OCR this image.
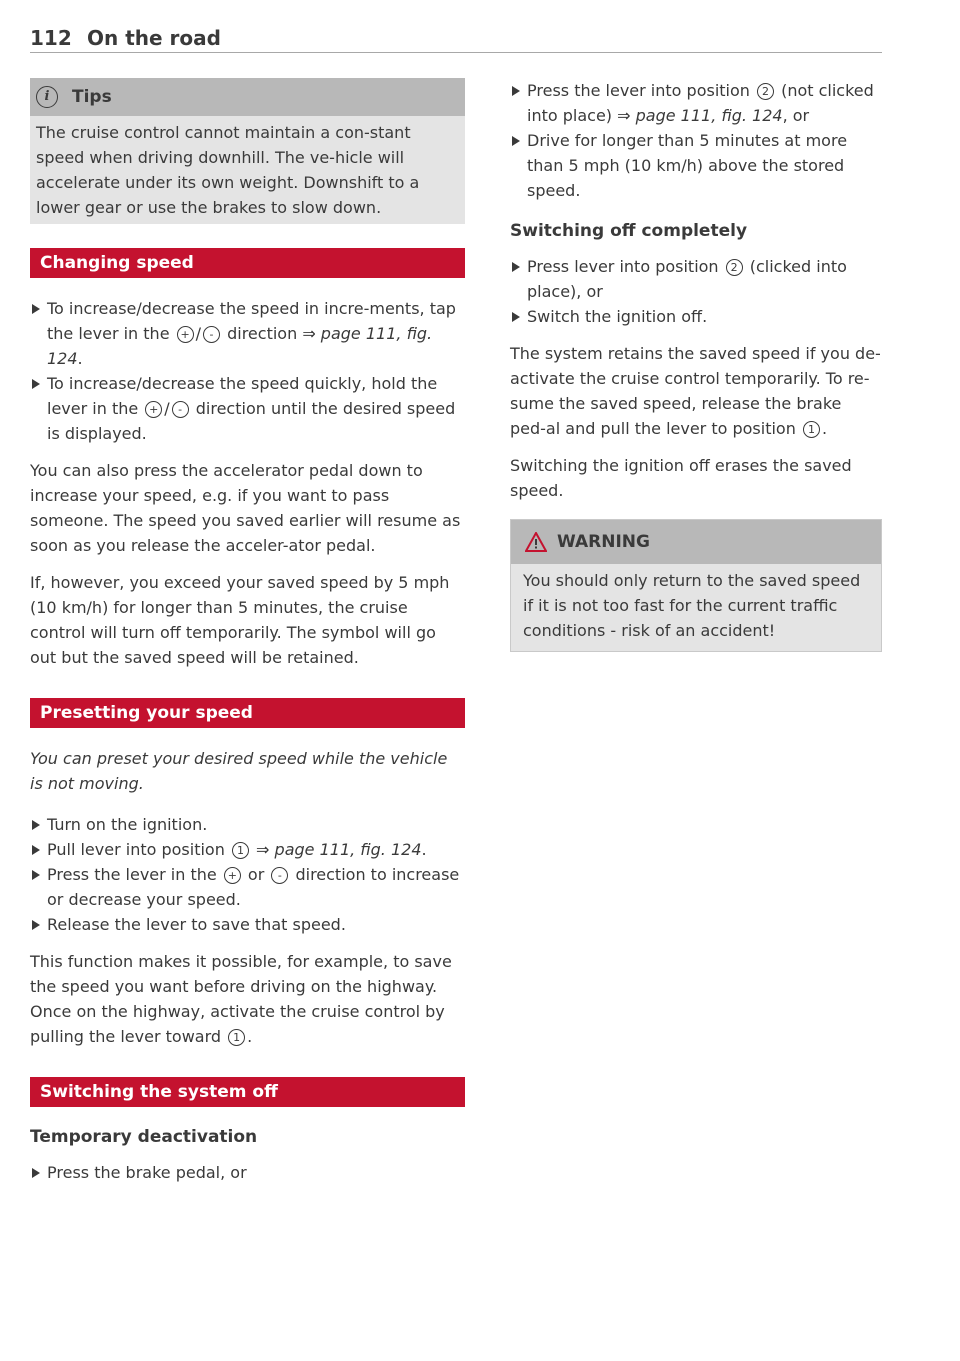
112 On the road
i	Tips
The cruise control cannot maintain a con-stant speed when driving downhill. The ve-hicle will accelerate under its own weight. Downshift to a lower gear or use the brakes to slow down.
Changing speed
To increase/decrease the speed in incre-ments, tap the lever in the + / - direction ⇒ page 111, fig. 124.
To increase/decrease the speed quickly, hold the lever in the + / - direction until the desired speed is displayed.

You can also press the accelerator pedal down to increase your speed, e.g. if you want to pass someone. The speed you saved earlier will resume as soon as you release the acceler-ator pedal.

If, however, you exceed your saved speed by 5 mph (10 km/h) for longer than 5 minutes, the cruise control will turn off temporarily. The symbol will go out but the saved speed will be retained.

Presetting your speed

You can preset your desired speed while the vehicle is not moving.

Turn on the ignition.
Pull lever into position 1 ⇒ page 111, fig. 124.
Press the lever in the + or - direction to increase or decrease your speed.
Release the lever to save that speed.

This function makes it possible, for example, to save the speed you want before driving on the highway. Once on the highway, activate the cruise control by pulling the lever toward 1 .

Switching the system off
Temporary deactivation
Press the brake pedal, or
Press the lever into position 2 (not clicked into place) ⇒ page 111, fig. 124, or
Drive for longer than 5 minutes at more than 5 mph (10 km/h) above the stored speed.
Switching off completely
Press lever into position 2 (clicked into place), or
Switch the ignition off.

The system retains the saved speed if you de-activate the cruise control temporarily. To re-sume the saved speed, release the brake ped-al and pull the lever to position 1 .

Switching the ignition off erases the saved speed.

WARNING
You should only return to the saved speed if it is not too fast for the current traffic conditions - risk of an accident!
